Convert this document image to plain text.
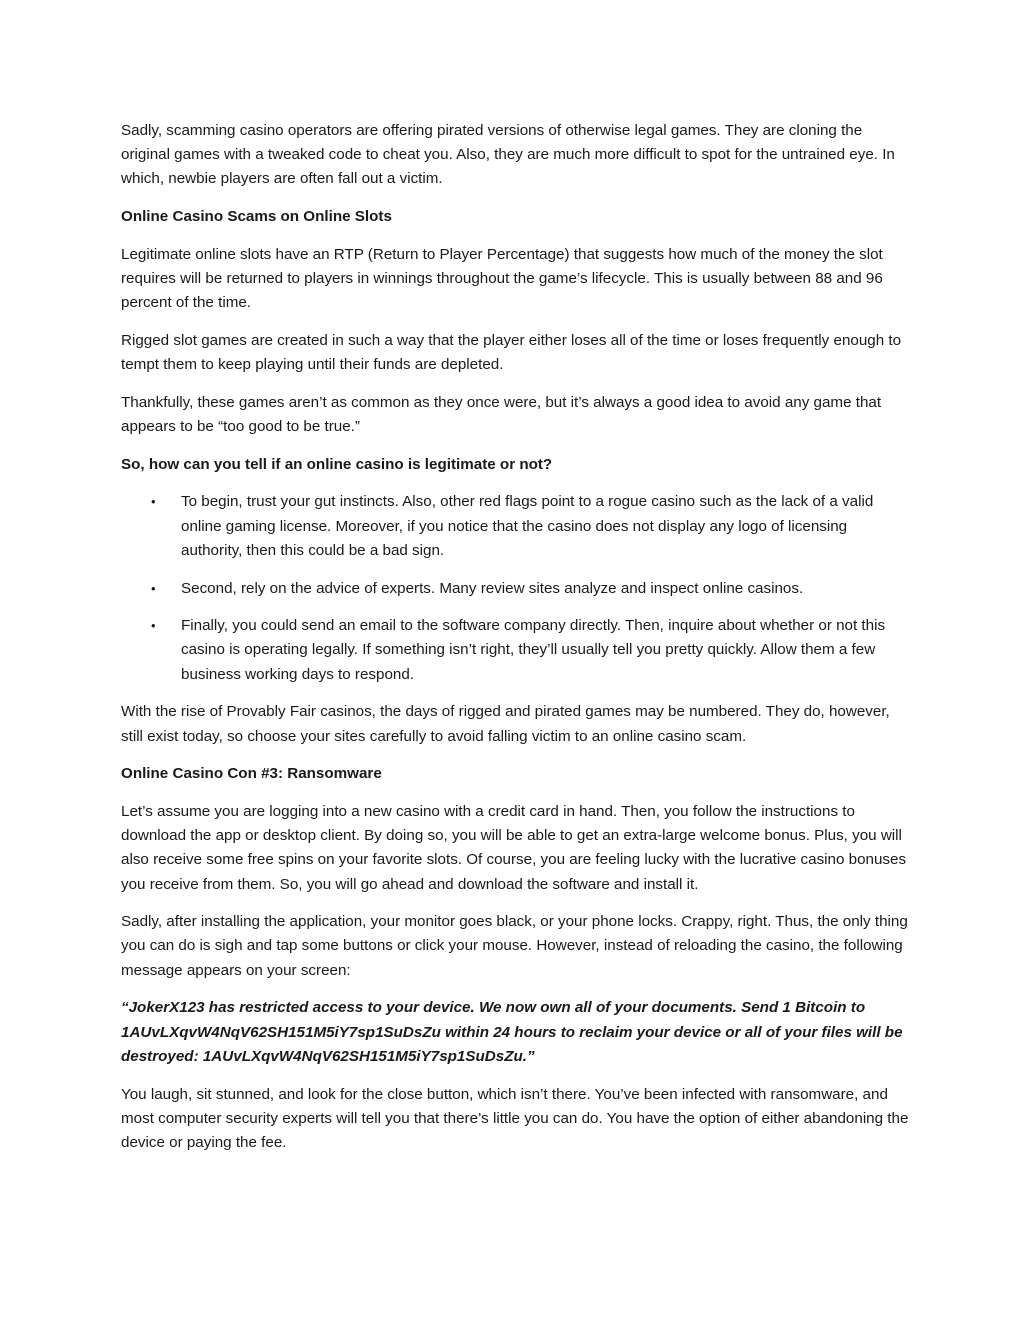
Sadly, scamming casino operators are offering pirated versions of otherwise legal games. They are cloning the original games with a tweaked code to cheat you. Also, they are much more difficult to spot for the untrained eye. In which, newbie players are often fall out a victim.

Online Casino Scams on Online Slots

Legitimate online slots have an RTP (Return to Player Percentage) that suggests how much of the money the slot requires will be returned to players in winnings throughout the game’s lifecycle. This is usually between 88 and 96 percent of the time.

Rigged slot games are created in such a way that the player either loses all of the time or loses frequently enough to tempt them to keep playing until their funds are depleted.

Thankfully, these games aren’t as common as they once were, but it’s always a good idea to avoid any game that appears to be “too good to be true.”

So, how can you tell if an online casino is legitimate or not?

• To begin, trust your gut instincts. Also, other red flags point to a rogue casino such as the lack of a valid online gaming license. Moreover, if you notice that the casino does not display any logo of licensing authority, then this could be a bad sign.
• Second, rely on the advice of experts. Many review sites analyze and inspect online casinos.
• Finally, you could send an email to the software company directly. Then, inquire about whether or not this casino is operating legally. If something isn’t right, they’ll usually tell you pretty quickly. Allow them a few business working days to respond.

With the rise of Provably Fair casinos, the days of rigged and pirated games may be numbered. They do, however, still exist today, so choose your sites carefully to avoid falling victim to an online casino scam.

Online Casino Con #3: Ransomware

Let’s assume you are logging into a new casino with a credit card in hand. Then, you follow the instructions to download the app or desktop client. By doing so, you will be able to get an extra-large welcome bonus. Plus, you will also receive some free spins on your favorite slots. Of course, you are feeling lucky with the lucrative casino bonuses you receive from them. So, you will go ahead and download the software and install it.

Sadly, after installing the application, your monitor goes black, or your phone locks. Crappy, right. Thus, the only thing you can do is sigh and tap some buttons or click your mouse. However, instead of reloading the casino, the following message appears on your screen:

“JokerX123 has restricted access to your device. We now own all of your documents. Send 1 Bitcoin to 1AUvLXqvW4NqV62SH151M5iY7sp1SuDsZu within 24 hours to reclaim your device or all of your files will be destroyed: 1AUvLXqvW4NqV62SH151M5iY7sp1SuDsZu.”

You laugh, sit stunned, and look for the close button, which isn’t there. You’ve been infected with ransomware, and most computer security experts will tell you that there’s little you can do. You have the option of either abandoning the device or paying the fee.
